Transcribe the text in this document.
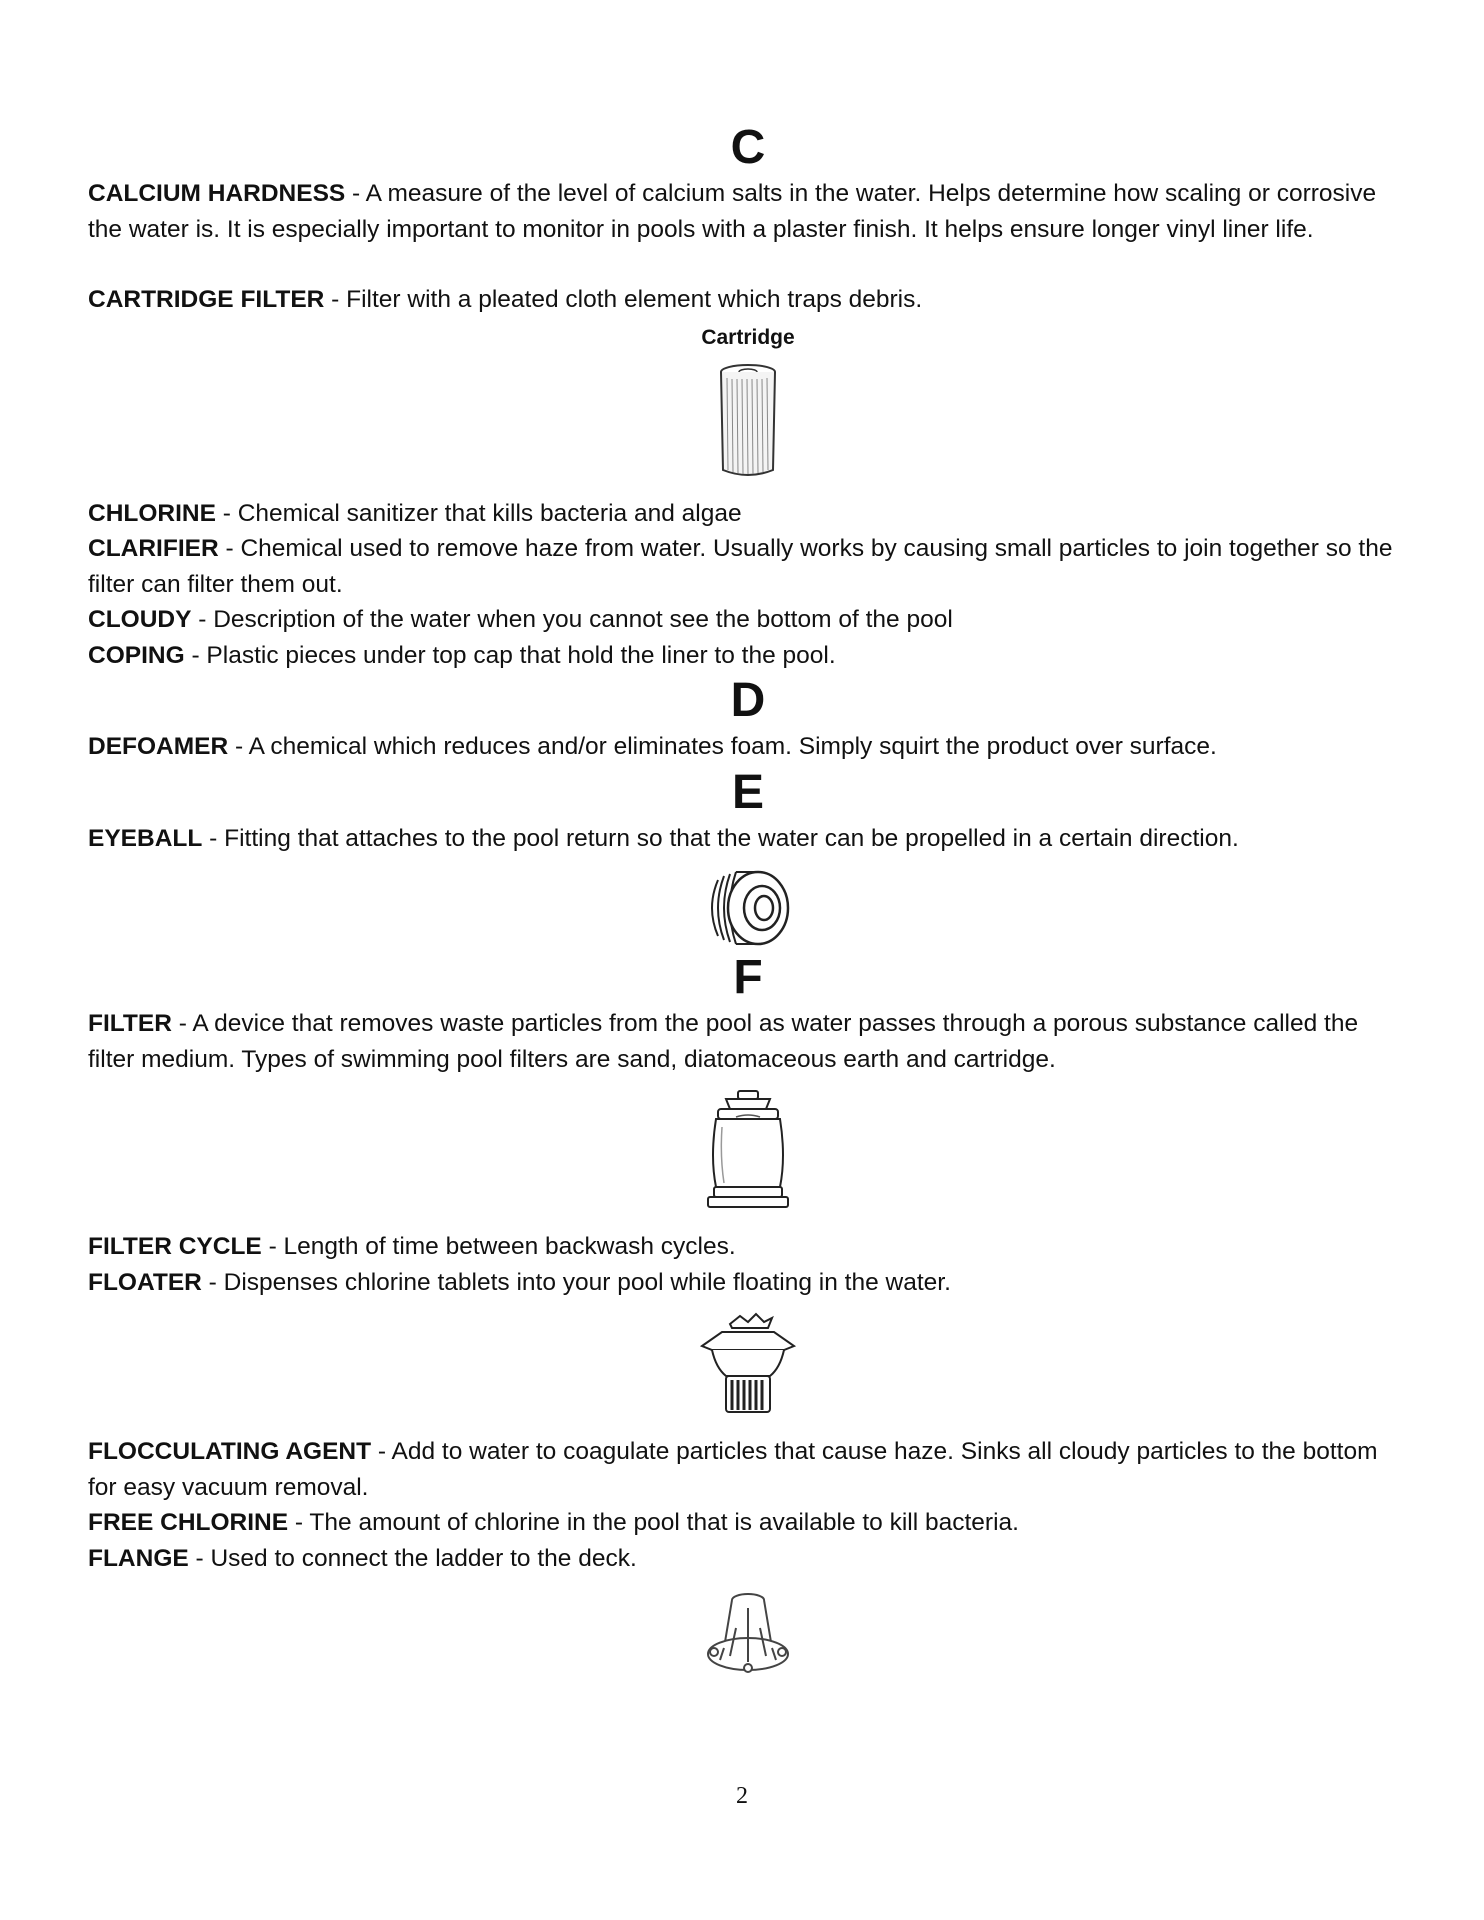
C

CALCIUM HARDNESS - A measure of the level of calcium salts in the water. Helps determine how scaling or corrosive the water is. It is especially important to monitor in pools with a plaster finish. It helps ensure longer vinyl liner life.

CARTRIDGE FILTER - Filter with a pleated cloth element which traps debris.

Cartridge

CHLORINE - Chemical sanitizer that kills bacteria and algae

CLARIFIER - Chemical used to remove haze from water. Usually works by causing small particles to join together so the filter can filter them out.

CLOUDY - Description of the water when you cannot see the bottom of the pool

COPING - Plastic pieces under top cap that hold the liner to the pool.

D

DEFOAMER - A chemical which reduces and/or eliminates foam. Simply squirt the product over surface.

E

EYEBALL - Fitting that attaches to the pool return so that the water can be propelled in a certain direction.

F

FILTER - A device that removes waste particles from the pool as water passes through a porous substance called the filter medium. Types of swimming pool filters are sand, diatomaceous earth and cartridge.

FILTER CYCLE - Length of time between backwash cycles.

FLOATER - Dispenses chlorine tablets into your pool while floating in the water.

FLOCCULATING AGENT - Add to water to coagulate particles that cause haze. Sinks all cloudy particles to the bottom for easy vacuum removal.

FREE CHLORINE - The amount of chlorine in the pool that is available to kill bacteria.

FLANGE - Used to connect the ladder to the deck.

2
